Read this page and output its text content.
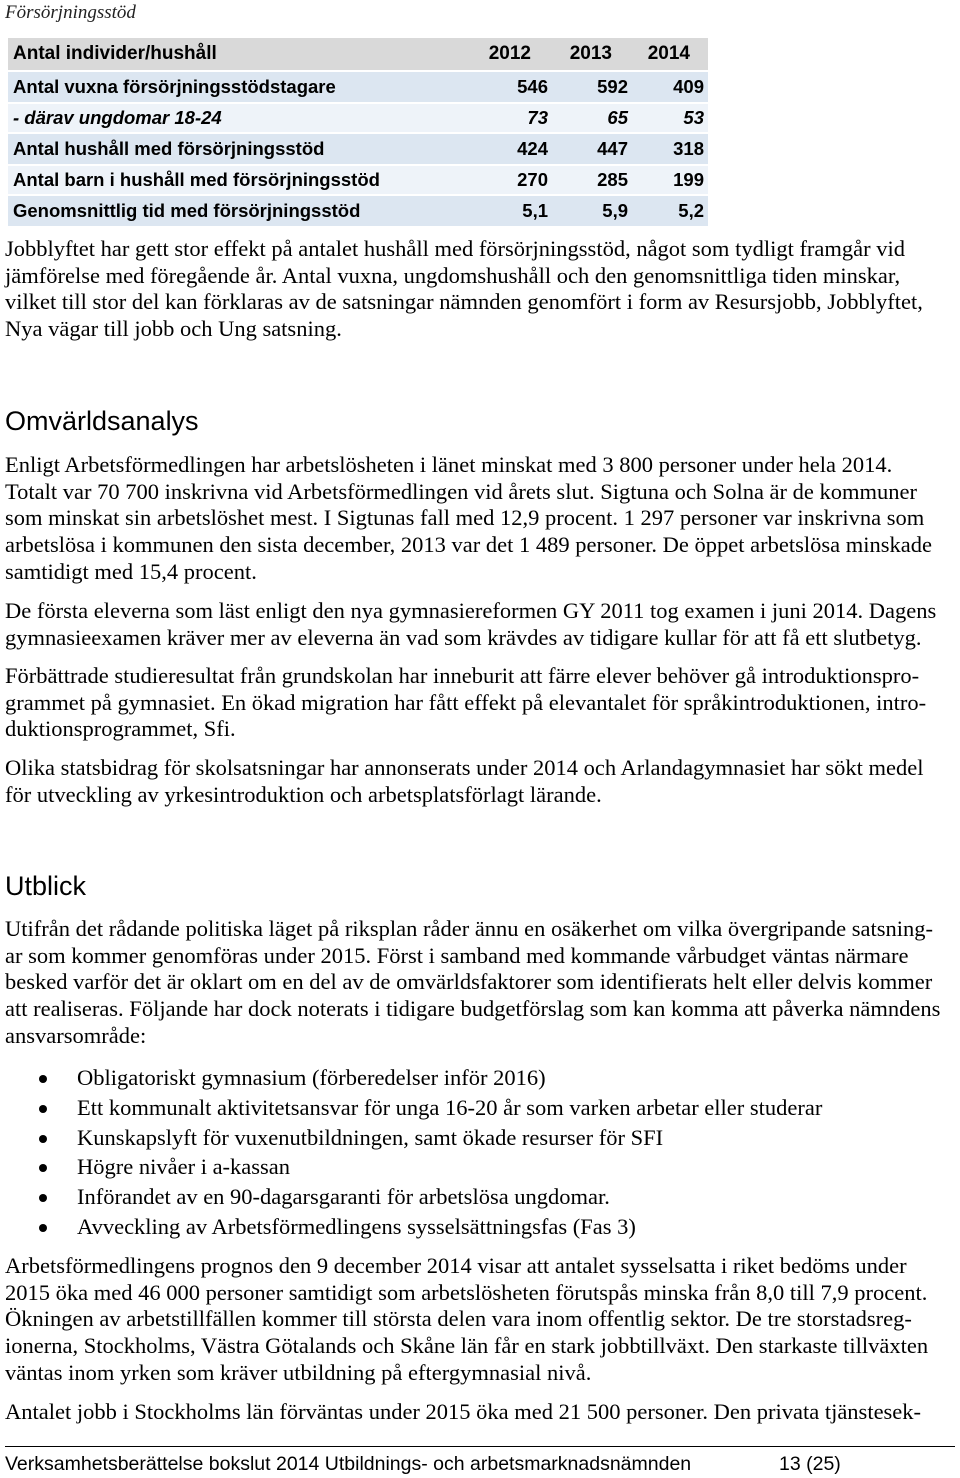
Försörjningsstöd
Antal individer/hushåll	2012	2013	2014
Antal vuxna försörjningsstödstagare	546	592	409
- därav ungdomar 18-24	73	65	53
Antal hushåll med försörjningsstöd	424	447	318
Antal barn i hushåll med försörjningsstöd	270	285	199
Genomsnittlig tid med försörjningsstöd	5,1	5,9	5,2
Jobblyftet har gett stor effekt på antalet hushåll med försörjningsstöd, något som tydligt framgår vid
jämförelse med föregående år. Antal vuxna, ungdomshushåll och den genomsnittliga tiden minskar,
vilket till stor del kan förklaras av de satsningar nämnden genomfört i form av Resursjobb, Jobblyftet,
Nya vägar till jobb och Ung satsning.
Omvärldsanalys
Enligt Arbetsförmedlingen har arbetslösheten i länet minskat med 3 800 personer under hela 2014.
Totalt var 70 700 inskrivna vid Arbetsförmedlingen vid årets slut. Sigtuna och Solna är de kommuner
som minskat sin arbetslöshet mest. I Sigtunas fall med 12,9 procent. 1 297 personer var inskrivna som
arbetslösa i kommunen den sista december, 2013 var det 1 489 personer. De öppet arbetslösa minskade
samtidigt med 15,4 procent.
De första eleverna som läst enligt den nya gymnasiereformen GY 2011 tog examen i juni 2014. Dagens
gymnasieexamen kräver mer av eleverna än vad som krävdes av tidigare kullar för att få ett slutbetyg.
Förbättrade studieresultat från grundskolan har inneburit att färre elever behöver gå introduktionspro-
grammet på gymnasiet. En ökad migration har fått effekt på elevantalet för språkintroduktionen, intro-
duktionsprogrammet, Sfi.
Olika statsbidrag för skolsatsningar har annonserats under 2014 och Arlandagymnasiet har sökt medel
för utveckling av yrkesintroduktion och arbetsplatsförlagt lärande.
Utblick
Utifrån det rådande politiska läget på riksplan råder ännu en osäkerhet om vilka övergripande satsning-
ar som kommer genomföras under 2015. Först i samband med kommande vårbudget väntas närmare
besked varför det är oklart om en del av de omvärldsfaktorer som identifierats helt eller delvis kommer
att realiseras. Följande har dock noterats i tidigare budgetförslag som kan komma att påverka nämndens
ansvarsområde:
Obligatoriskt gymnasium (förberedelser inför 2016)
Ett kommunalt aktivitetsansvar för unga 16-20 år som varken arbetar eller studerar
Kunskapslyft för vuxenutbildningen, samt ökade resurser för SFI
Högre nivåer i a-kassan
Införandet av en 90-dagarsgaranti för arbetslösa ungdomar.
Avveckling av Arbetsförmedlingens sysselsättningsfas (Fas 3)
Arbetsförmedlingens prognos den 9 december 2014 visar att antalet sysselsatta i riket bedöms under
2015 öka med 46 000 personer samtidigt som arbetslösheten förutspås minska från 8,0 till 7,9 procent.
Ökningen av arbetstillfällen kommer till största delen vara inom offentlig sektor. De tre storstadsreg-
ionerna, Stockholms, Västra Götalands och Skåne län får en stark jobbtillväxt. Den starkaste tillväxten
väntas inom yrken som kräver utbildning på eftergymnasial nivå.
Antalet jobb i Stockholms län förväntas under 2015 öka med 21 500 personer. Den privata tjänstesek-
Verksamhetsberättelse bokslut 2014 Utbildnings- och arbetsmarknadsnämnden	13 (25)
